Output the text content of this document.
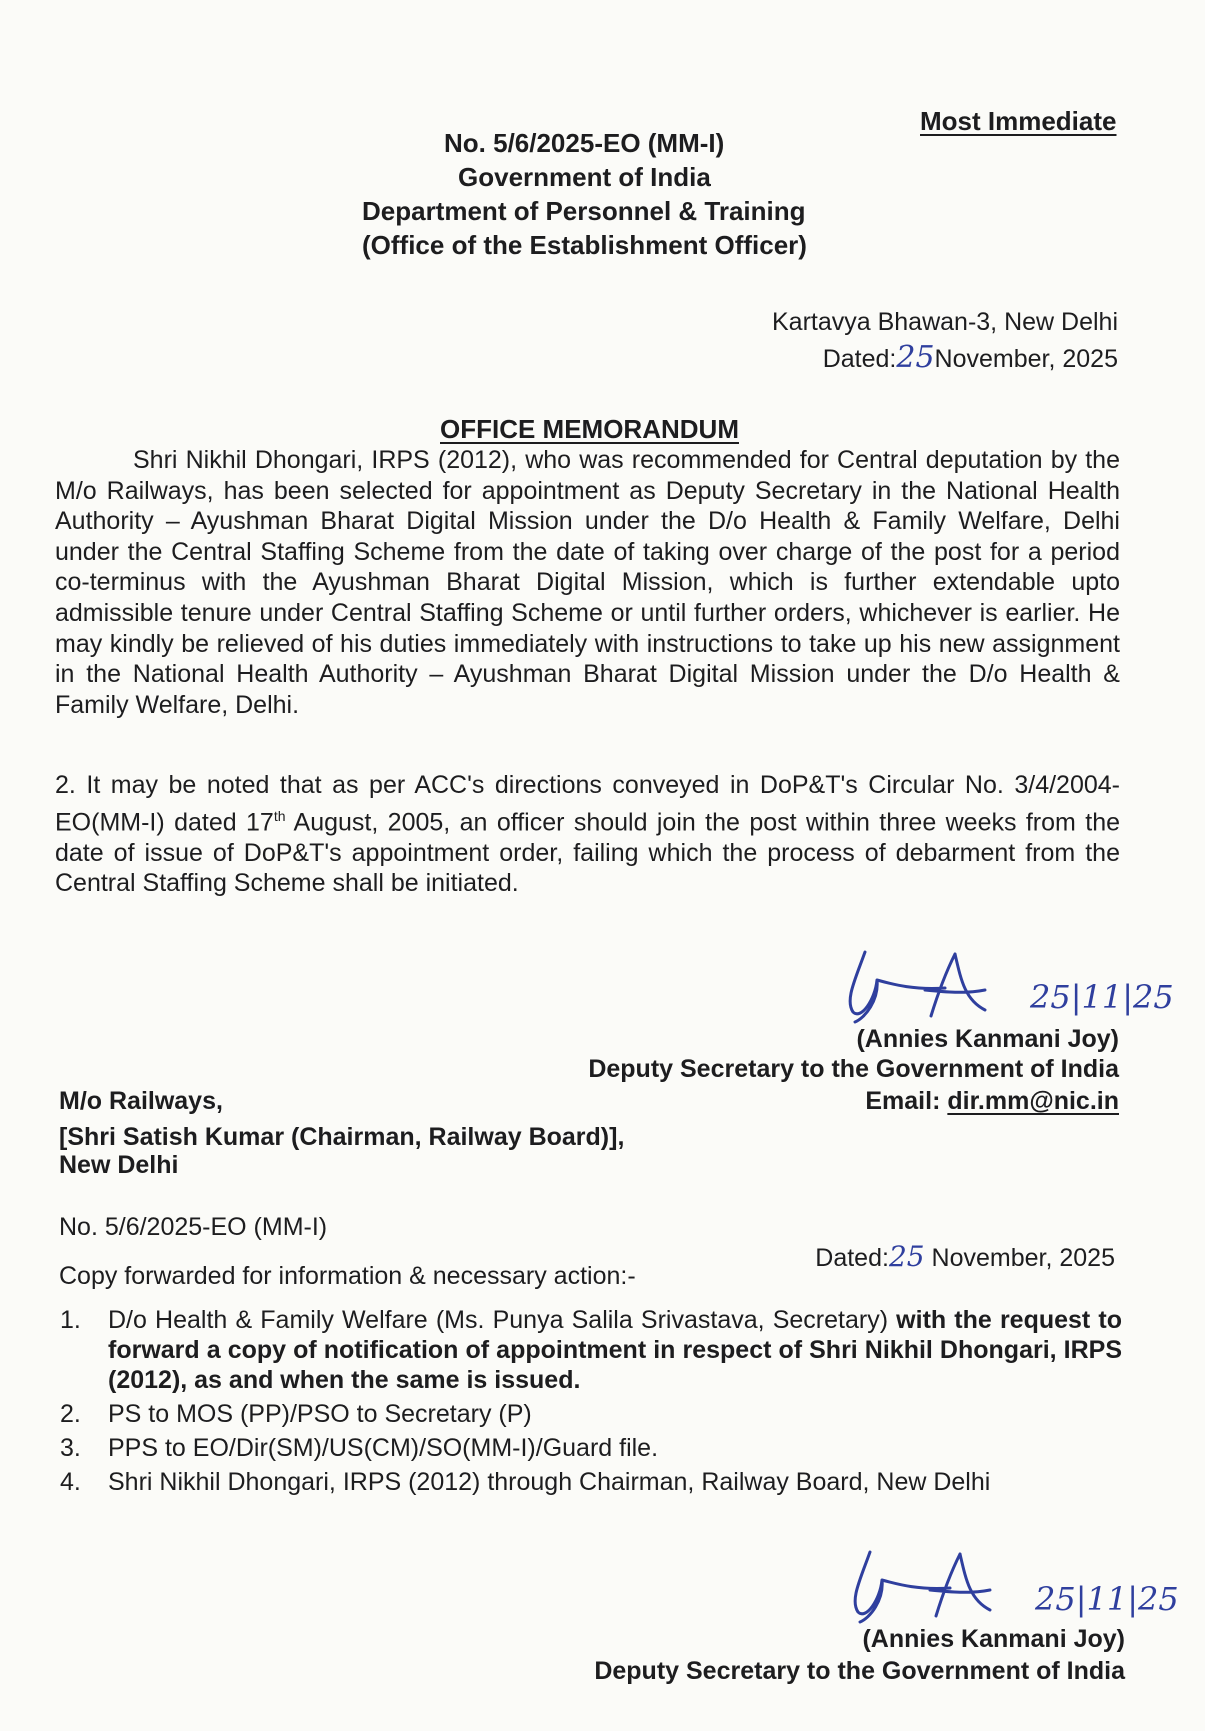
Most Immediate
No. 5/6/2025-EO (MM-I)
Government of India
Department of Personnel & Training
(Office of the Establishment Officer)
Kartavya Bhawan-3, New Delhi
Dated:25November, 2025
OFFICE MEMORANDUM
Shri Nikhil Dhongari, IRPS (2012), who was recommended for Central deputation by the M/o Railways, has been selected for appointment as Deputy Secretary in the National Health Authority – Ayushman Bharat Digital Mission under the D/o Health & Family Welfare, Delhi under the Central Staffing Scheme from the date of taking over charge of the post for a period co-terminus with the Ayushman Bharat Digital Mission, which is further extendable upto admissible tenure under Central Staffing Scheme or until further orders, whichever is earlier. He may kindly be relieved of his duties immediately with instructions to take up his new assignment in the National Health Authority – Ayushman Bharat Digital Mission under the D/o Health & Family Welfare, Delhi.
2. It may be noted that as per ACC's directions conveyed in DoP&T's Circular No. 3/4/2004-EO(MM-I) dated 17th August, 2005, an officer should join the post within three weeks from the date of issue of DoP&T's appointment order, failing which the process of debarment from the Central Staffing Scheme shall be initiated.
25|11|25
(Annies Kanmani Joy)
Deputy Secretary to the Government of India
Email: dir.mm@nic.in
M/o Railways,
[Shri Satish Kumar (Chairman, Railway Board)],
New Delhi
No. 5/6/2025-EO (MM-I)
Dated:25 November, 2025
Copy forwarded for information & necessary action:-
1.	D/o Health & Family Welfare (Ms. Punya Salila Srivastava, Secretary) with the request to forward a copy of notification of appointment in respect of Shri Nikhil Dhongari, IRPS (2012), as and when the same is issued.
2.	PS to MOS (PP)/PSO to Secretary (P)
3.	PPS to EO/Dir(SM)/US(CM)/SO(MM-I)/Guard file.
4.	Shri Nikhil Dhongari, IRPS (2012) through Chairman, Railway Board, New Delhi
25|11|25
(Annies Kanmani Joy)
Deputy Secretary to the Government of India
